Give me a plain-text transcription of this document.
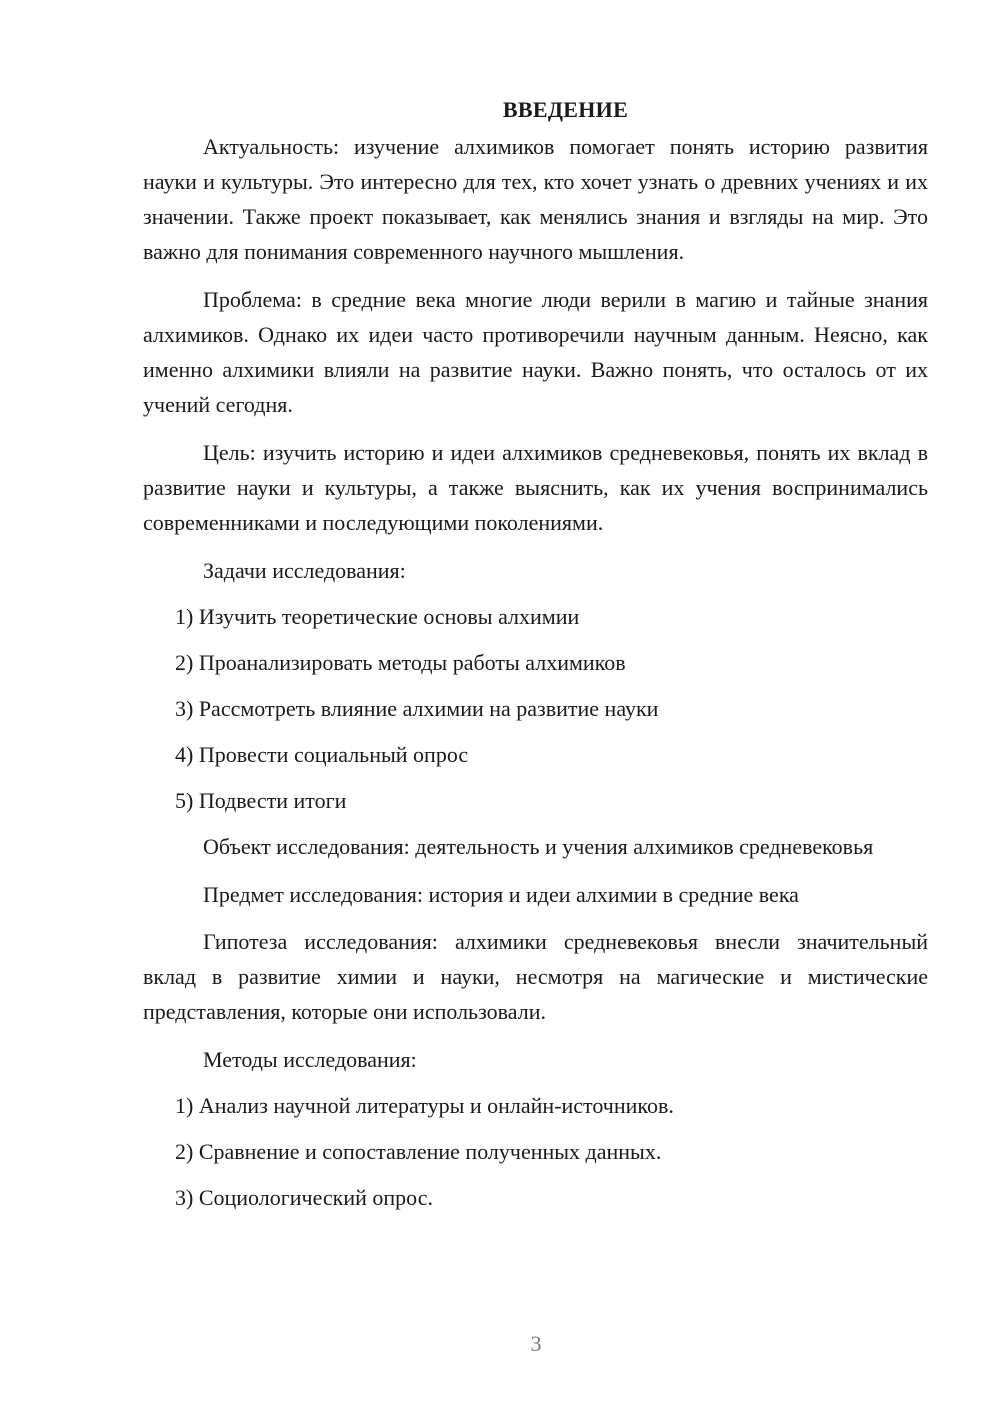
ВВЕДЕНИЕ

Актуальность: изучение алхимиков помогает понять историю развития науки и культуры. Это интересно для тех, кто хочет узнать о древних учениях и их значении. Также проект показывает, как менялись знания и взгляды на мир. Это важно для понимания современного научного мышления.

Проблема: в средние века многие люди верили в магию и тайные знания алхимиков. Однако их идеи часто противоречили научным данным. Неясно, как именно алхимики влияли на развитие науки. Важно понять, что осталось от их учений сегодня.

Цель: изучить историю и идеи алхимиков средневековья, понять их вклад в развитие науки и культуры, а также выяснить, как их учения воспринимались современниками и последующими поколениями.

Задачи исследования:

1) Изучить теоретические основы алхимии
2) Проанализировать методы работы алхимиков
3) Рассмотреть влияние алхимии на развитие науки
4) Провести социальный опрос
5) Подвести итоги

Объект исследования: деятельность и учения алхимиков средневековья

Предмет исследования: история и идеи алхимии в средние века

Гипотеза исследования: алхимики средневековья внесли значительный вклад в развитие химии и науки, несмотря на магические и мистические представления, которые они использовали.

Методы исследования:

1) Анализ научной литературы и онлайн-источников.
2) Сравнение и сопоставление полученных данных.
3) Социологический опрос.
3
